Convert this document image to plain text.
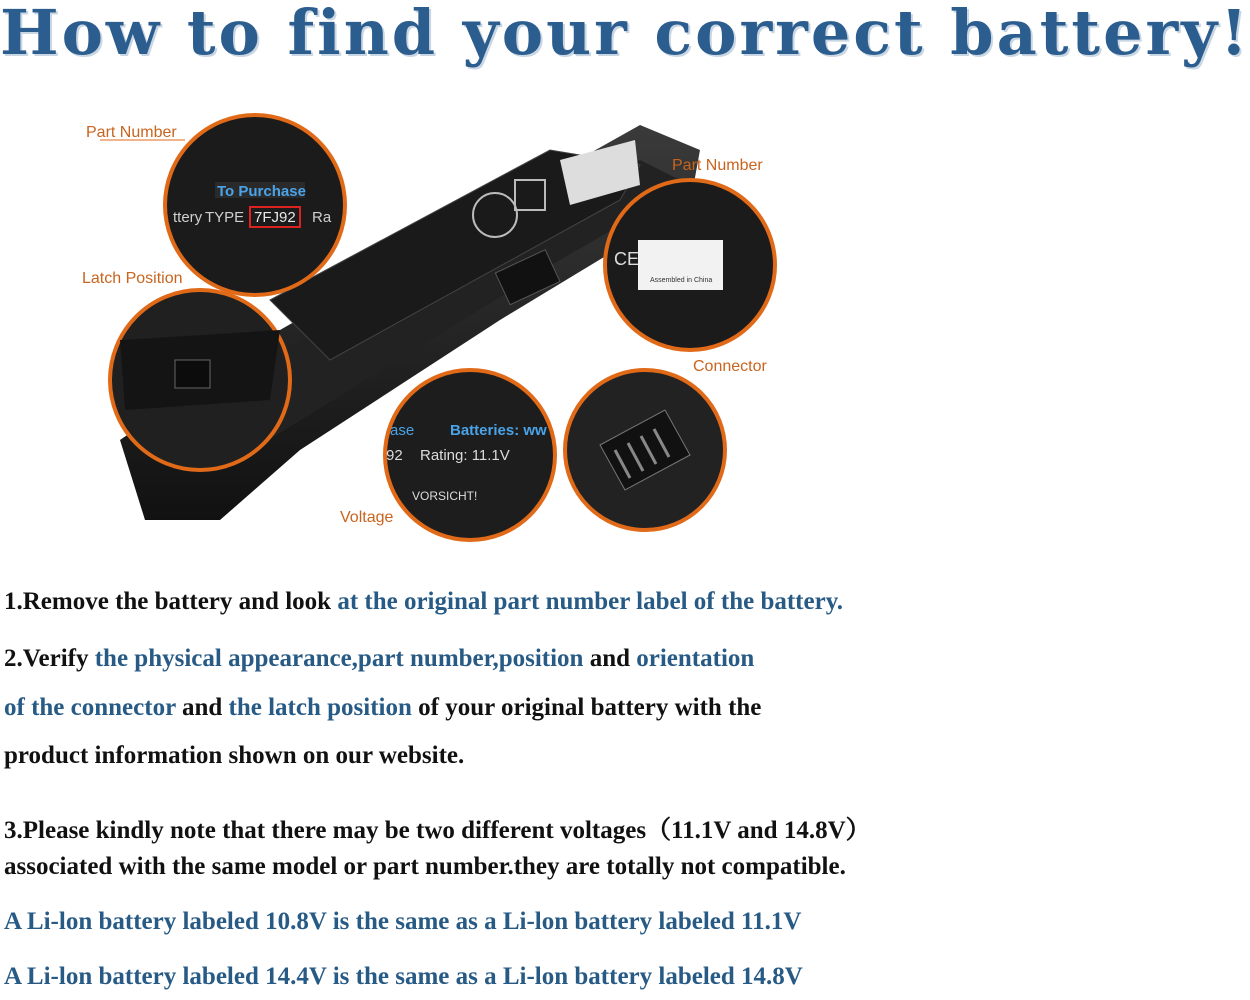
How to find your correct battery!
To Purchase
ttery TYPE 7FJ92 Ra
CE
Assembled in China
ase Batteries: ww
92 Rating: 11.1V
VORSICHT!
Part Number
Part Number
Latch Position
Connector
Voltage
1.Remove the battery and look at the original part number label of the battery.
2.Verify the physical appearance,part number,position and orientation
of the connector and the latch position of your original battery with the
product information shown on our website.
3.Please kindly note that there may be two different voltages（11.1V and 14.8V）
associated with the same model or part number.they are totally not compatible.
A Li-lon battery labeled 10.8V is the same as a Li-lon battery labeled 11.1V
A Li-lon battery labeled 14.4V is the same as a Li-lon battery labeled 14.8V
